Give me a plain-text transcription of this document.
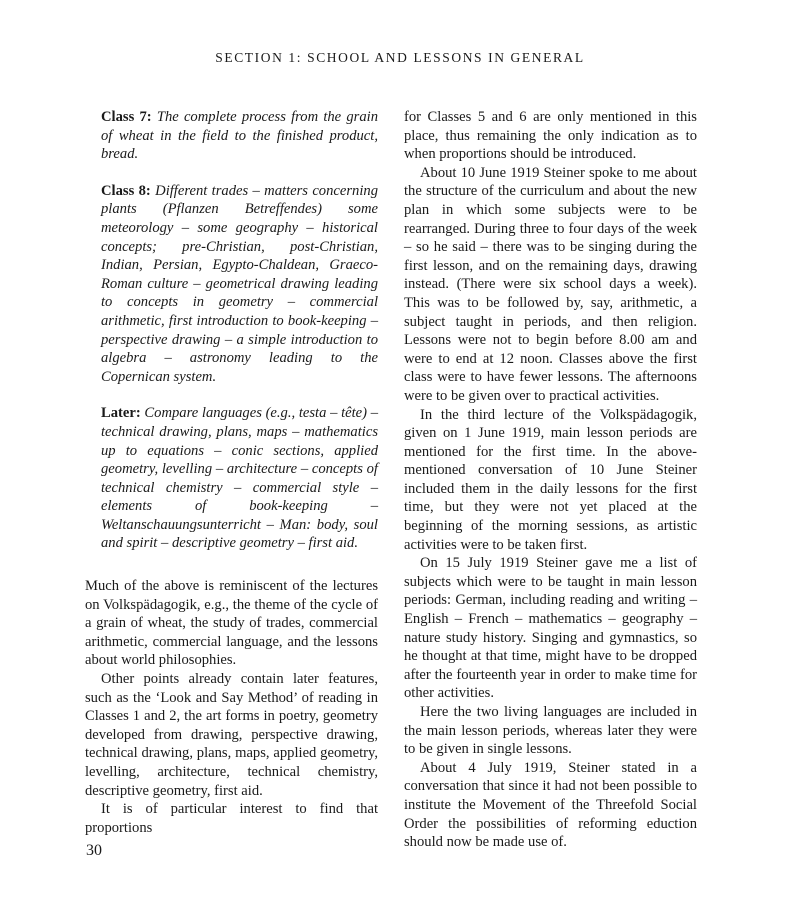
SECTION 1: SCHOOL AND LESSONS IN GENERAL

Class 7: The complete process from the grain of wheat in the field to the finished product, bread.

Class 8: Different trades – matters concerning plants (Pflanzen Betreffendes) some meteorology – some geography – historical concepts; pre-Christian, post-Christian, Indian, Persian, Egypto-Chaldean, Graeco-Roman culture – geometrical drawing leading to concepts in geometry – commercial arithmetic, first introduction to book-keeping – perspective drawing – a simple introduction to algebra – astronomy leading to the Copernican system.

Later: Compare languages (e.g., testa – tête) – technical drawing, plans, maps – mathematics up to equations – conic sections, applied geometry, levelling – architecture – concepts of technical chemistry – commercial style – elements of book-keeping – Weltanschauungsunterricht – Man: body, soul and spirit – descriptive geometry – first aid.

Much of the above is reminiscent of the lectures on Volkspädagogik, e.g., the theme of the cycle of a grain of wheat, the study of trades, commercial arithmetic, commercial language, and the lessons about world philosophies.

Other points already contain later features, such as the ‘Look and Say Method’ of reading in Classes 1 and 2, the art forms in poetry, geometry developed from drawing, perspective drawing, technical drawing, plans, maps, applied geometry, levelling, architecture, technical chemistry, descriptive geometry, first aid.

It is of particular interest to find that proportions

for Classes 5 and 6 are only mentioned in this place, thus remaining the only indication as to when proportions should be introduced.

About 10 June 1919 Steiner spoke to me about the structure of the curriculum and about the new plan in which some subjects were to be rearranged. During three to four days of the week – so he said – there was to be singing during the first lesson, and on the remaining days, drawing instead. (There were six school days a week). This was to be followed by, say, arithmetic, a subject taught in periods, and then religion. Lessons were not to begin before 8.00 am and were to end at 12 noon. Classes above the first class were to have fewer lessons. The afternoons were to be given over to practical activities.

In the third lecture of the Volkspädagogik, given on 1 June 1919, main lesson periods are mentioned for the first time. In the above-mentioned conversation of 10 June Steiner included them in the daily lessons for the first time, but they were not yet placed at the beginning of the morning sessions, as artistic activities were to be taken first.

On 15 July 1919 Steiner gave me a list of subjects which were to be taught in main lesson periods: German, including reading and writing – English – French – mathematics – geography – nature study history. Singing and gymnastics, so he thought at that time, might have to be dropped after the fourteenth year in order to make time for other activities.

Here the two living languages are included in the main lesson periods, whereas later they were to be given in single lessons.

About 4 July 1919, Steiner stated in a conversation that since it had not been possible to institute the Movement of the Threefold Social Order the possibilities of reforming eduction should now be made use of.

30
